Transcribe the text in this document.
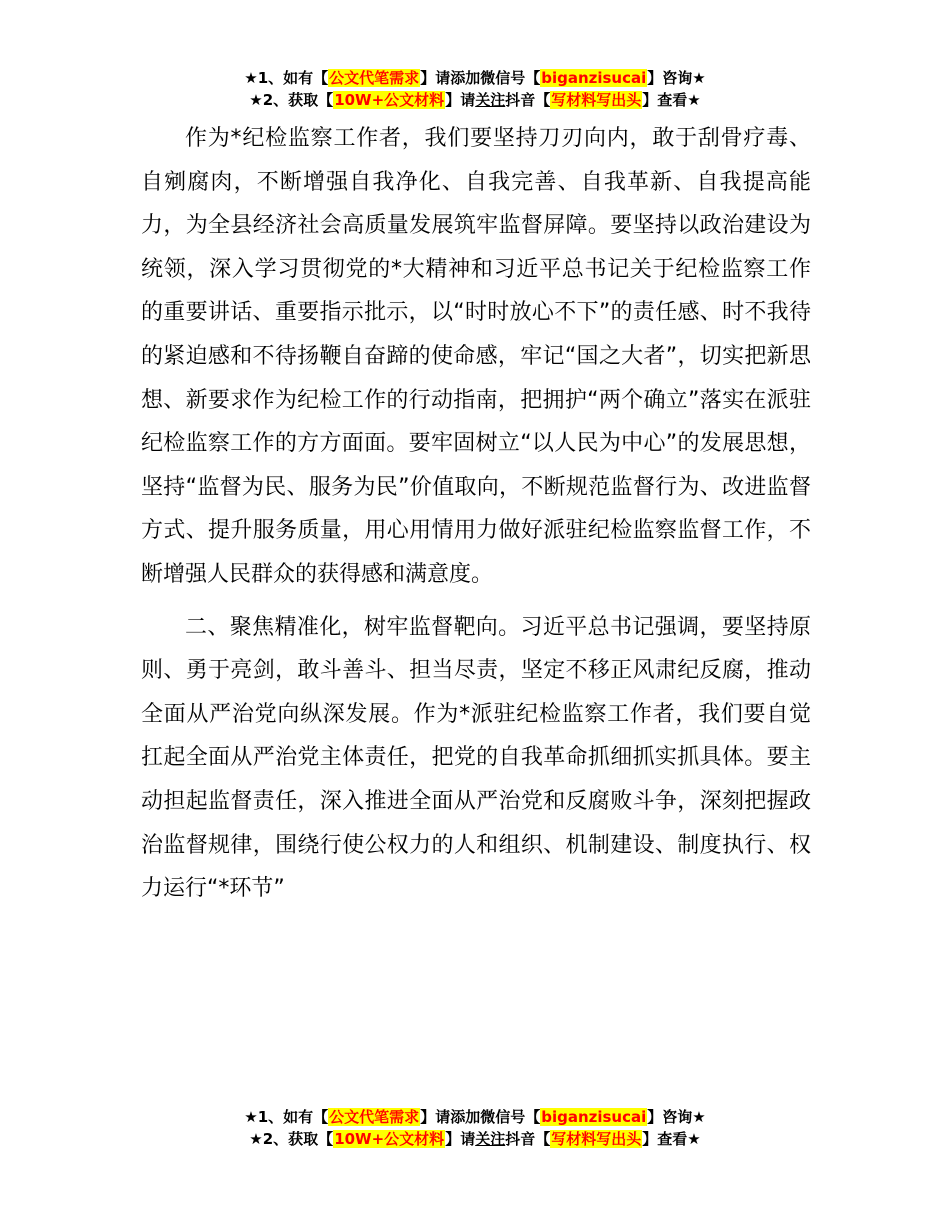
★1、如有【公文代笔需求】请添加微信号【biganzisucai】咨询★
★2、获取【10W+公文材料】请关注抖音【写材料写出头】查看★

作为*纪检监察工作者，我们要坚持刀刃向内，敢于刮骨疗毒、自剜腐肉，不断增强自我净化、自我完善、自我革新、自我提高能力，为全县经济社会高质量发展筑牢监督屏障。要坚持以政治建设为统领，深入学习贯彻党的*大精神和习近平总书记关于纪检监察工作的重要讲话、重要指示批示，以“时时放心不下”的责任感、时不我待的紧迫感和不待扬鞭自奋蹄的使命感，牢记“国之大者”，切实把新思想、新要求作为纪检工作的行动指南，把拥护“两个确立”落实在派驻纪检监察工作的方方面面。要牢固树立“以人民为中心”的发展思想，坚持“监督为民、服务为民”价值取向，不断规范监督行为、改进监督方式、提升服务质量，用心用情用力做好派驻纪检监察监督工作，不断增强人民群众的获得感和满意度。

二、聚焦精准化，树牢监督靶向。习近平总书记强调，要坚持原则、勇于亮剑，敢斗善斗、担当尽责，坚定不移正风肃纪反腐，推动全面从严治党向纵深发展。作为*派驻纪检监察工作者，我们要自觉扛起全面从严治党主体责任，把党的自我革命抓细抓实抓具体。要主动担起监督责任，深入推进全面从严治党和反腐败斗争，深刻把握政治监督规律，围绕行使公权力的人和组织、机制建设、制度执行、权力运行“*环节”

★1、如有【公文代笔需求】请添加微信号【biganzisucai】咨询★
★2、获取【10W+公文材料】请关注抖音【写材料写出头】查看★
